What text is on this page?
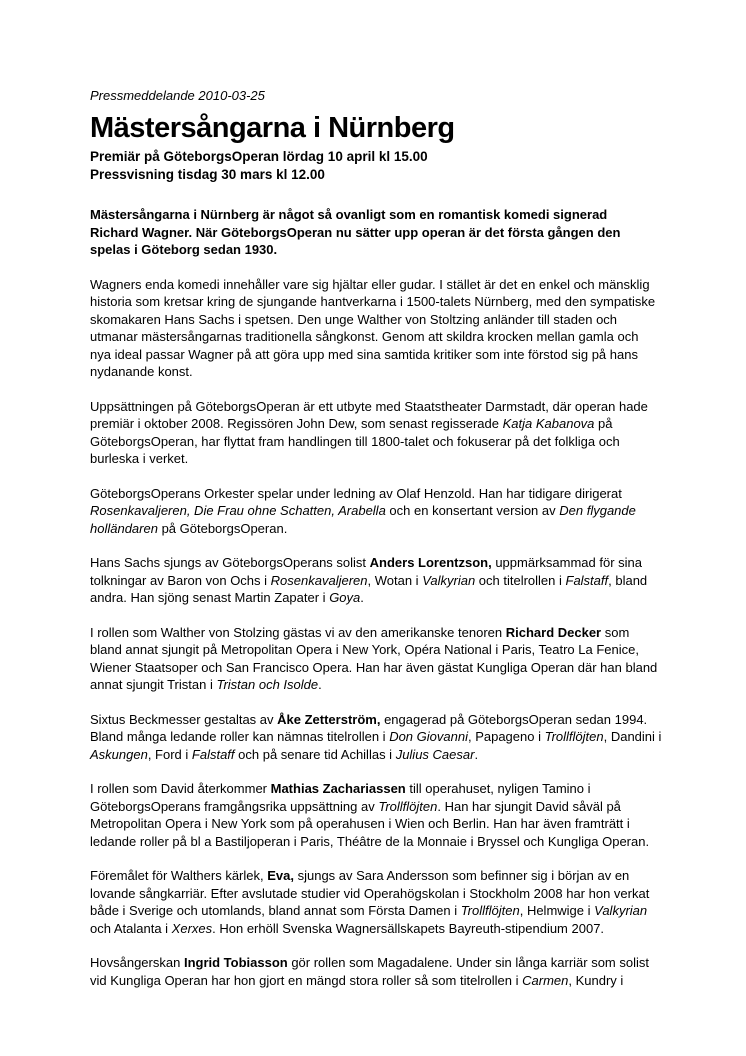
Pressmeddelande 2010-03-25

Mästersångarna i Nürnberg

Premiär på GöteborgsOperan lördag 10 april kl 15.00

Pressvisning tisdag 30 mars kl 12.00

Mästersångarna i Nürnberg är något så ovanligt som en romantisk komedi signerad Richard Wagner. När GöteborgsOperan nu sätter upp operan är det första gången den spelas i Göteborg sedan 1930.

Wagners enda komedi innehåller vare sig hjältar eller gudar. I stället är det en enkel och mänsklig historia som kretsar kring de sjungande hantverkarna i 1500-talets Nürnberg, med den sympatiske skomakaren Hans Sachs i spetsen. Den unge Walther von Stoltzing anländer till staden och utmanar mästersångarnas traditionella sångkonst. Genom att skildra krocken mellan gamla och nya ideal passar Wagner på att göra upp med sina samtida kritiker som inte förstod sig på hans nydanande konst.

Uppsättningen på GöteborgsOperan är ett utbyte med Staatstheater Darmstadt, där operan hade premiär i oktober 2008. Regissören John Dew, som senast regisserade Katja Kabanova på GöteborgsOperan, har flyttat fram handlingen till 1800-talet och fokuserar på det folkliga och burleska i verket.

GöteborgsOperans Orkester spelar under ledning av Olaf Henzold. Han har tidigare dirigerat Rosenkavaljeren, Die Frau ohne Schatten, Arabella och en konsertant version av Den flygande holländaren på GöteborgsOperan.

Hans Sachs sjungs av GöteborgsOperans solist Anders Lorentzson, uppmärksammad för sina tolkningar av Baron von Ochs i Rosenkavaljeren, Wotan i Valkyrian och titelrollen i Falstaff, bland andra. Han sjöng senast Martin Zapater i Goya.

I rollen som Walther von Stolzing gästas vi av den amerikanske tenoren Richard Decker som bland annat sjungit på Metropolitan Opera i New York, Opéra National i Paris, Teatro La Fenice, Wiener Staatsoper och San Francisco Opera. Han har även gästat Kungliga Operan där han bland annat sjungit Tristan i Tristan och Isolde.

Sixtus Beckmesser gestaltas av Åke Zetterström, engagerad på GöteborgsOperan sedan 1994. Bland många ledande roller kan nämnas titelrollen i Don Giovanni, Papageno i Trollflöjten, Dandini i Askungen, Ford i Falstaff och på senare tid Achillas i Julius Caesar.

I rollen som David återkommer Mathias Zachariassen till operahuset, nyligen Tamino i GöteborgsOperans framgångsrika uppsättning av Trollflöjten. Han har sjungit David såväl på Metropolitan Opera i New York som på operahusen i Wien och Berlin. Han har även framträtt i ledande roller på bl a Bastiljoperan i Paris, Théâtre de la Monnaie i Bryssel och Kungliga Operan.

Föremålet för Walthers kärlek, Eva, sjungs av Sara Andersson som befinner sig i början av en lovande sångkarriär. Efter avslutade studier vid Operahögskolan i Stockholm 2008 har hon verkat både i Sverige och utomlands, bland annat som Första Damen i Trollflöjten, Helmwige i Valkyrian och Atalanta i Xerxes. Hon erhöll Svenska Wagnersällskapets Bayreuth-stipendium 2007.

Hovsångerskan Ingrid Tobiasson gör rollen som Magadalene. Under sin långa karriär som solist vid Kungliga Operan har hon gjort en mängd stora roller så som titelrollen i Carmen, Kundry i
